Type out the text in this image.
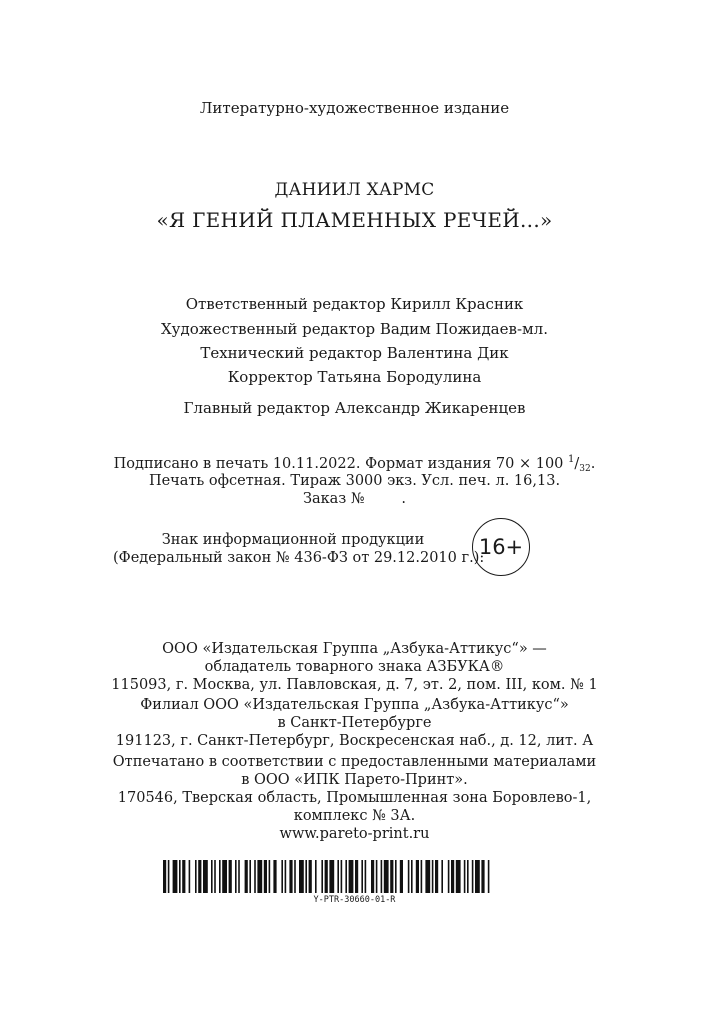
Литературно-художественное издание
ДАНИИЛ ХАРМС
«Я ГЕНИЙ ПЛАМЕННЫХ РЕЧЕЙ...»
Ответственный редактор Кирилл Красник
Художественный редактор Вадим Пожидаев-мл.
Технический редактор Валентина Дик
Корректор Татьяна Бородулина
Главный редактор Александр Жикаренцев
Подписано в печать 10.11.2022. Формат издания 70 × 100 $^1/_{32}$.
Печать офсетная. Тираж 3000 экз. Усл. печ. л. 16,13.
Заказ №        .
Знак информационной продукции
(Федеральный закон № 436-ФЗ от 29.12.2010 г.):
16+
ООО «Издательская Группа „Азбука-Аттикус“» —
обладатель товарного знака АЗБУКА®
115093, г. Москва, ул. Павловская, д. 7, эт. 2, пом. III, ком. № 1
Филиал ООО «Издательская Группа „Азбука-Аттикус“»
в Санкт-Петербурге
191123, г. Санкт-Петербург, Воскресенская наб., д. 12, лит. А
Отпечатано в соответствии с предоставленными материалами
в ООО «ИПК Парето-Принт».
170546, Тверская область, Промышленная зона Боровлево-1,
комплекс № 3А.
www.pareto-print.ru
Y-PTR-30660-01-R
